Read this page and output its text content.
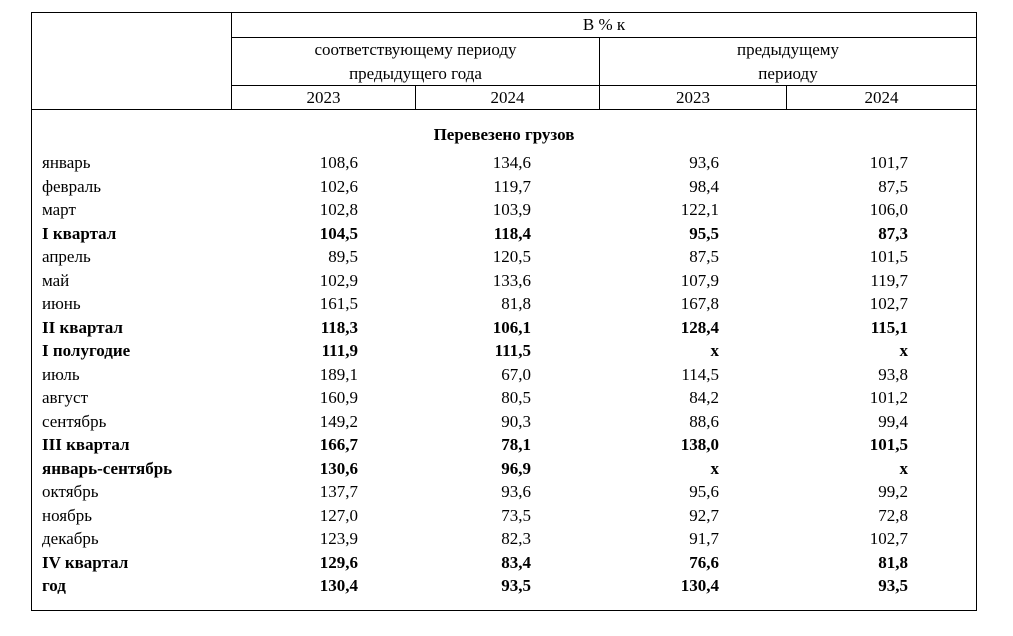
В % к
соответствующему периоду
предыдущего года
предыдущему
периоду
2023	2024	2023	2024
Перевезено грузов
январь	108,6	134,6	93,6	101,7
февраль	102,6	119,7	98,4	87,5
март	102,8	103,9	122,1	106,0
I квартал	104,5	118,4	95,5	87,3
апрель	89,5	120,5	87,5	101,5
май	102,9	133,6	107,9	119,7
июнь	161,5	81,8	167,8	102,7
II квартал	118,3	106,1	128,4	115,1
I полугодие	111,9	111,5	x	x
июль	189,1	67,0	114,5	93,8
август	160,9	80,5	84,2	101,2
сентябрь	149,2	90,3	88,6	99,4
III квартал	166,7	78,1	138,0	101,5
январь-сентябрь	130,6	96,9	x	x
октябрь	137,7	93,6	95,6	99,2
ноябрь	127,0	73,5	92,7	72,8
декабрь	123,9	82,3	91,7	102,7
IV квартал	129,6	83,4	76,6	81,8
год	130,4	93,5	130,4	93,5
